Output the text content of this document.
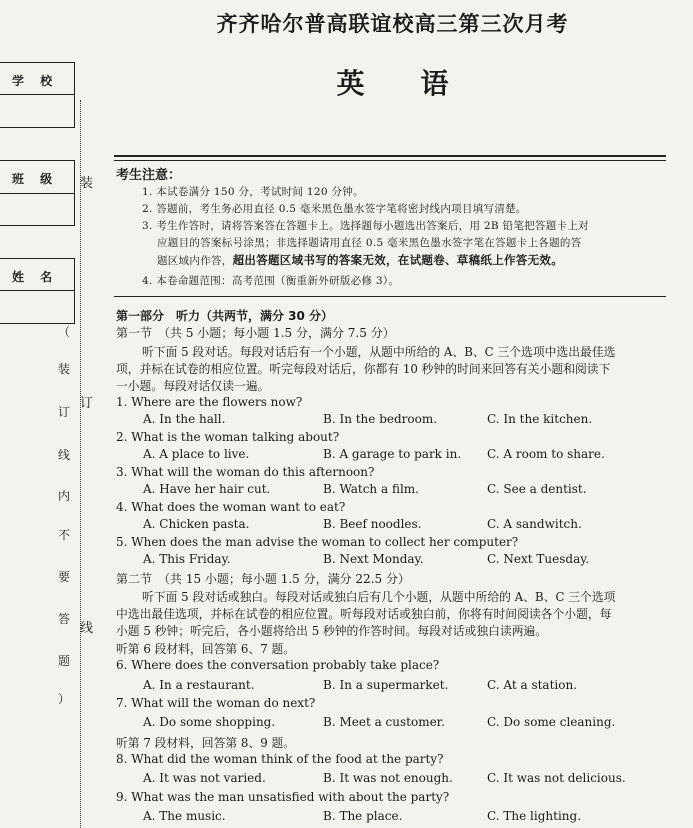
学 校
班 级
姓 名
装
订
线
（
装
订
线
内
不
要
答
题
）
齐齐哈尔普高联谊校高三第三次月考
英语
考生注意：
1. 本试卷满分 150 分，考试时间 120 分钟。
2. 答题前，考生务必用直径 0.5 毫米黑色墨水签字笔将密封线内项目填写清楚。
3. 考生作答时，请将答案答在答题卡上。选择题每小题选出答案后，用 2B 铅笔把答题卡上对
应题目的答案标号涂黑；非选择题请用直径 0.5 毫米黑色墨水签字笔在答题卡上各题的答
题区域内作答，超出答题区域书写的答案无效，在试题卷、草稿纸上作答无效。
4. 本卷命题范围：高考范围（衡重新外研版必修 3）。
第一部分　听力（共两节，满分 30 分）
第一节　（共 5 小题；每小题 1.5 分，满分 7.5 分）
听下面 5 段对话。每段对话后有一个小题，从题中所给的 A、B、C 三个选项中选出最佳选
项，并标在试卷的相应位置。听完每段对话后，你都有 10 秒钟的时间来回答有关小题和阅读下
一小题。每段对话仅读一遍。
1. Where are the flowers now?
A. In the hall.	B. In the bedroom.	C. In the kitchen.
2. What is the woman talking about?
A. A place to live.	B. A garage to park in. C. A room to share.
3. What will the woman do this afternoon?
A. Have her hair cut.	B. Watch a film.	C. See a dentist.
4. What does the woman want to eat?
A. Chicken pasta.	B. Beef noodles.	C. A sandwitch.
5. When does the man advise the woman to collect her computer?
A. This Friday.	B. Next Monday.	C. Next Tuesday.
第二节　（共 15 小题；每小题 1.5 分，满分 22.5 分）
听下面 5 段对话或独白。每段对话或独白后有几个小题，从题中所给的 A、B、C 三个选项
中选出最佳选项，并标在试卷的相应位置。听每段对话或独白前，你将有时间阅读各个小题，每
小题 5 秒钟；听完后，各小题将给出 5 秒钟的作答时间。每段对话或独白读两遍。
听第 6 段材料，回答第 6、7 题。
6. Where does the conversation probably take place?
A. In a restaurant.	B. In a supermarket.	C. At a station.
7. What will the woman do next?
A. Do some shopping.	B. Meet a customer.	C. Do some cleaning.
听第 7 段材料，回答第 8、9 题。
8. What did the woman think of the food at the party?
A. It was not varied.	B. It was not enough.	C. It was not delicious.
9. What was the man unsatisfied with about the party?
A. The music.	B. The place.	C. The lighting.
